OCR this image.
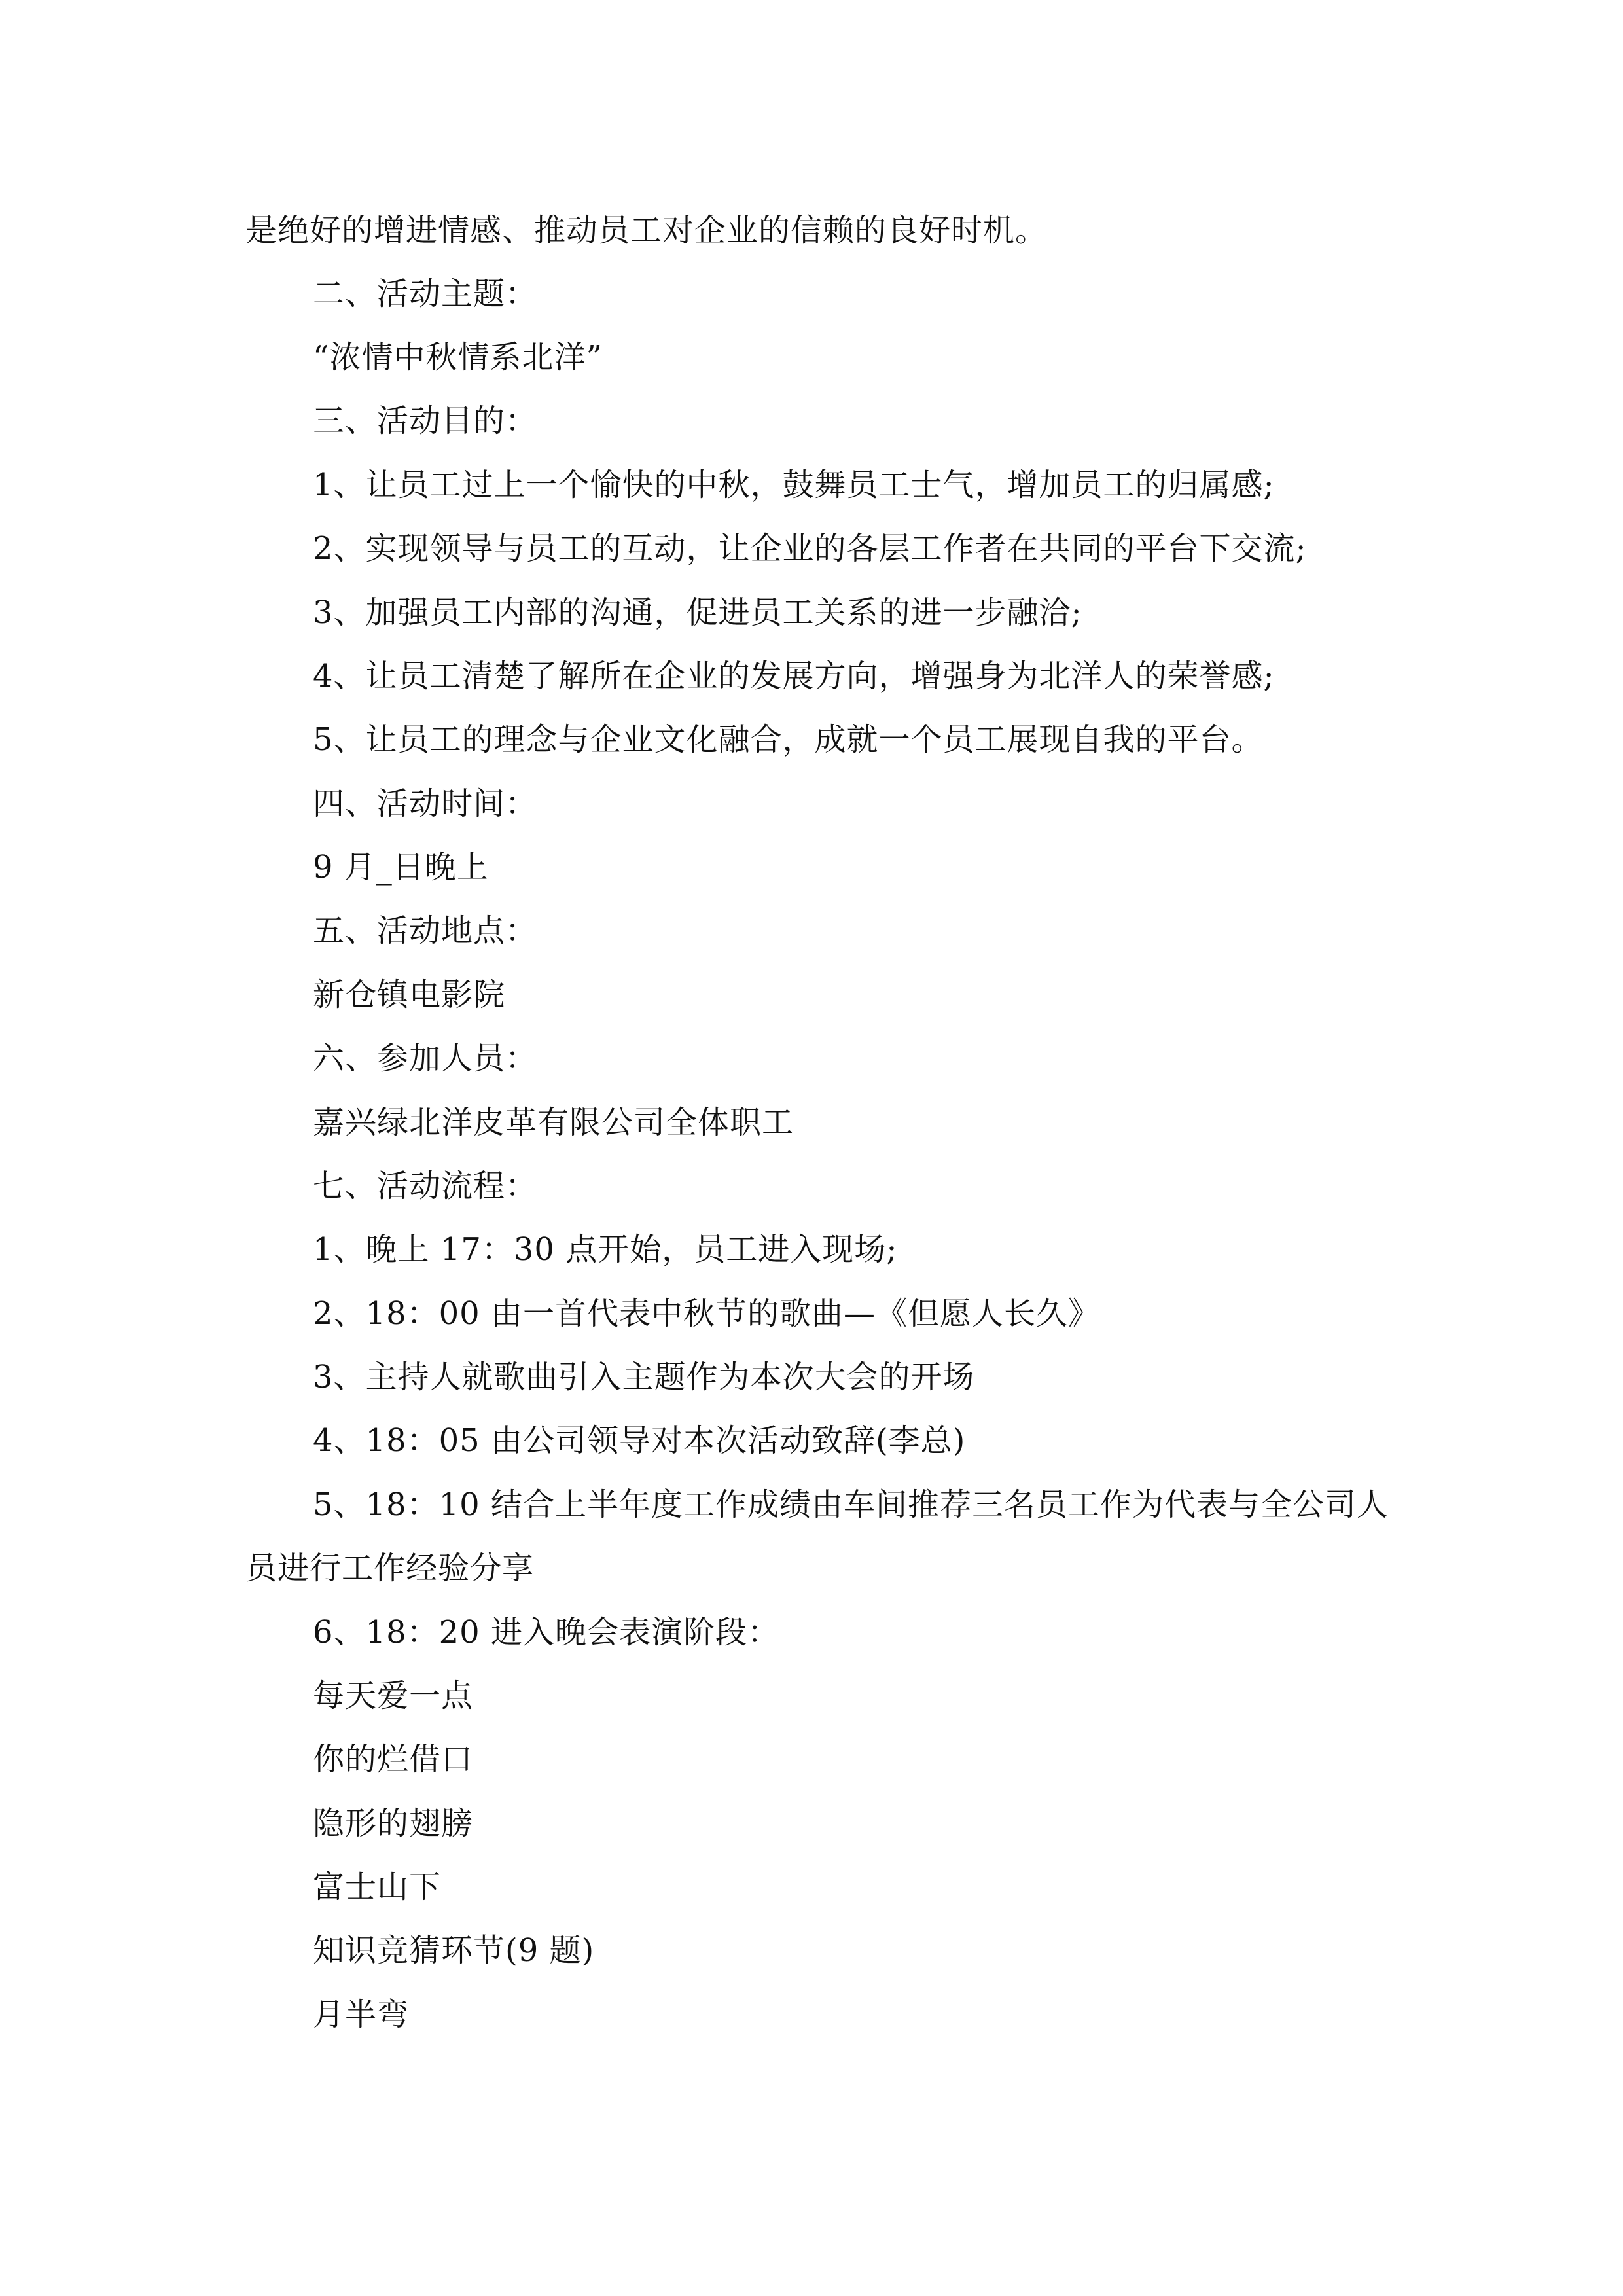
是绝好的增进情感、推动员工对企业的信赖的良好时机。
二、活动主题：
“浓情中秋情系北洋”
三、活动目的：
1、让员工过上一个愉快的中秋，鼓舞员工士气，增加员工的归属感;
2、实现领导与员工的互动，让企业的各层工作者在共同的平台下交流;
3、加强员工内部的沟通，促进员工关系的进一步融洽;
4、让员工清楚了解所在企业的发展方向，增强身为北洋人的荣誉感;
5、让员工的理念与企业文化融合，成就一个员工展现自我的平台。
四、活动时间：
9 月_日晚上
五、活动地点：
新仓镇电影院
六、参加人员：
嘉兴绿北洋皮革有限公司全体职工
七、活动流程：
1、晚上 17：30 点开始，员工进入现场;
2、18：00 由一首代表中秋节的歌曲—《但愿人长久》
3、主持人就歌曲引入主题作为本次大会的开场
4、18：05 由公司领导对本次活动致辞(李总)
5、18：10 结合上半年度工作成绩由车间推荐三名员工作为代表与全公司人
员进行工作经验分享
6、18：20 进入晚会表演阶段：
每天爱一点
你的烂借口
隐形的翅膀
富士山下
知识竞猜环节(9 题)
月半弯
